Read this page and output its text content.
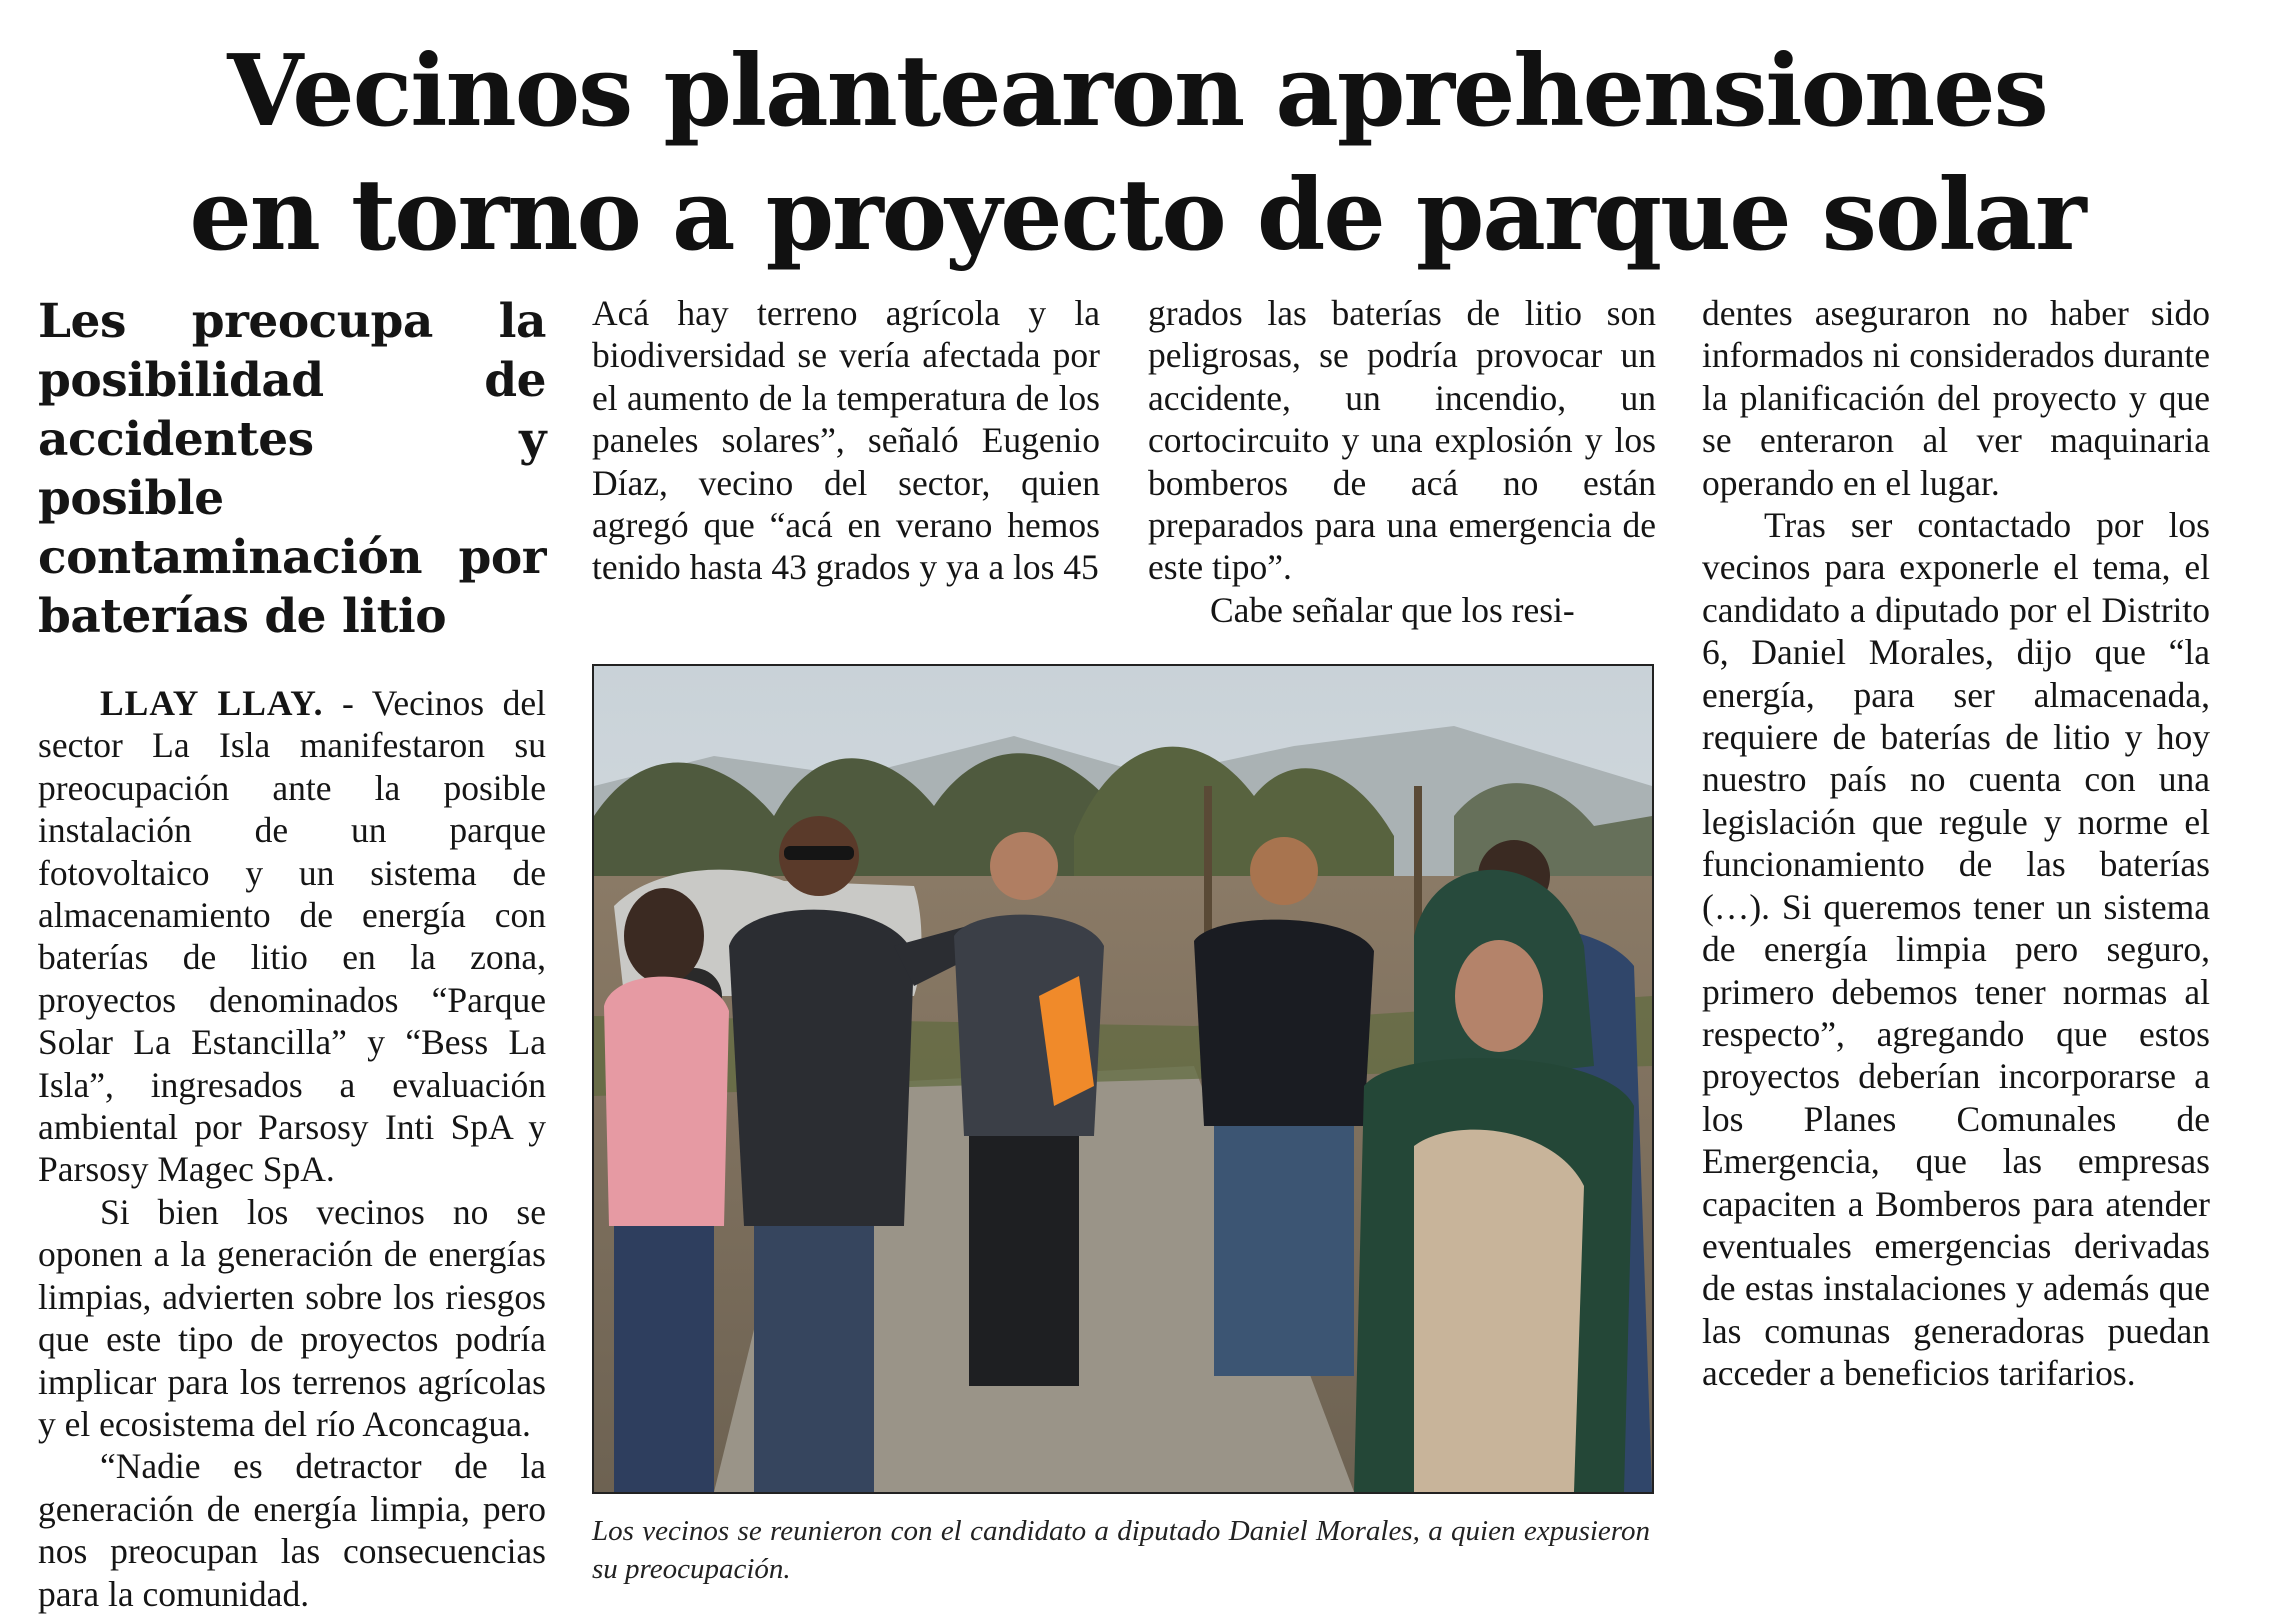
Vecinos plantearon aprehensiones
en torno a proyecto de parque solar
Les preocupa la posibilidad de accidentes y posible contaminación por baterías de litio

LLAY LLAY. - Vecinos del sector La Isla manifestaron su preocupación ante la posible instalación de un parque fotovoltaico y un sistema de almacenamiento de energía con baterías de litio en la zona, proyectos denominados “Parque Solar La Estancilla” y “Bess La Isla”, ingresados a evaluación ambiental por Parsosy Inti SpA y Parsosy Magec SpA.

Si bien los vecinos no se oponen a la generación de energías limpias, advierten sobre los riesgos que este tipo de proyectos podría implicar para los terrenos agrícolas y el ecosistema del río Aconcagua.

“Nadie es detractor de la generación de energía limpia, pero nos preocupan las consecuencias para la comunidad.

Acá hay terreno agrícola y la biodiversidad se vería afectada por el aumento de la temperatura de los paneles solares”, señaló Eugenio Díaz, vecino del sector, quien agregó que “acá en verano hemos tenido hasta 43 grados y ya a los 45

grados las baterías de litio son peligrosas, se podría provocar un accidente, un incendio, un cortocircuito y una explosión y los bomberos de acá no están preparados para una emergencia de este tipo”.

Cabe señalar que los resi-

dentes aseguraron no haber sido informados ni considerados durante la planificación del proyecto y que se enteraron al ver maquinaria operando en el lugar.

Tras ser contactado por los vecinos para exponerle el tema, el candidato a diputado por el Distrito 6, Daniel Morales, dijo que “la energía, para ser almacenada, requiere de baterías de litio y hoy nuestro país no cuenta con una legislación que regule y norme el funcionamiento de las baterías (…). Si queremos tener un sistema de energía limpia pero seguro, primero debemos tener normas al respecto”, agregando que estos proyectos deberían incorporarse a los Planes Comunales de Emergencia, que las empresas capaciten a Bomberos para atender eventuales emergencias derivadas de estas instalaciones y además que las comunas generadoras puedan acceder a beneficios tarifarios.

Los vecinos se reunieron con el candidato a diputado Daniel Morales, a quien expusieron su preocupación.
